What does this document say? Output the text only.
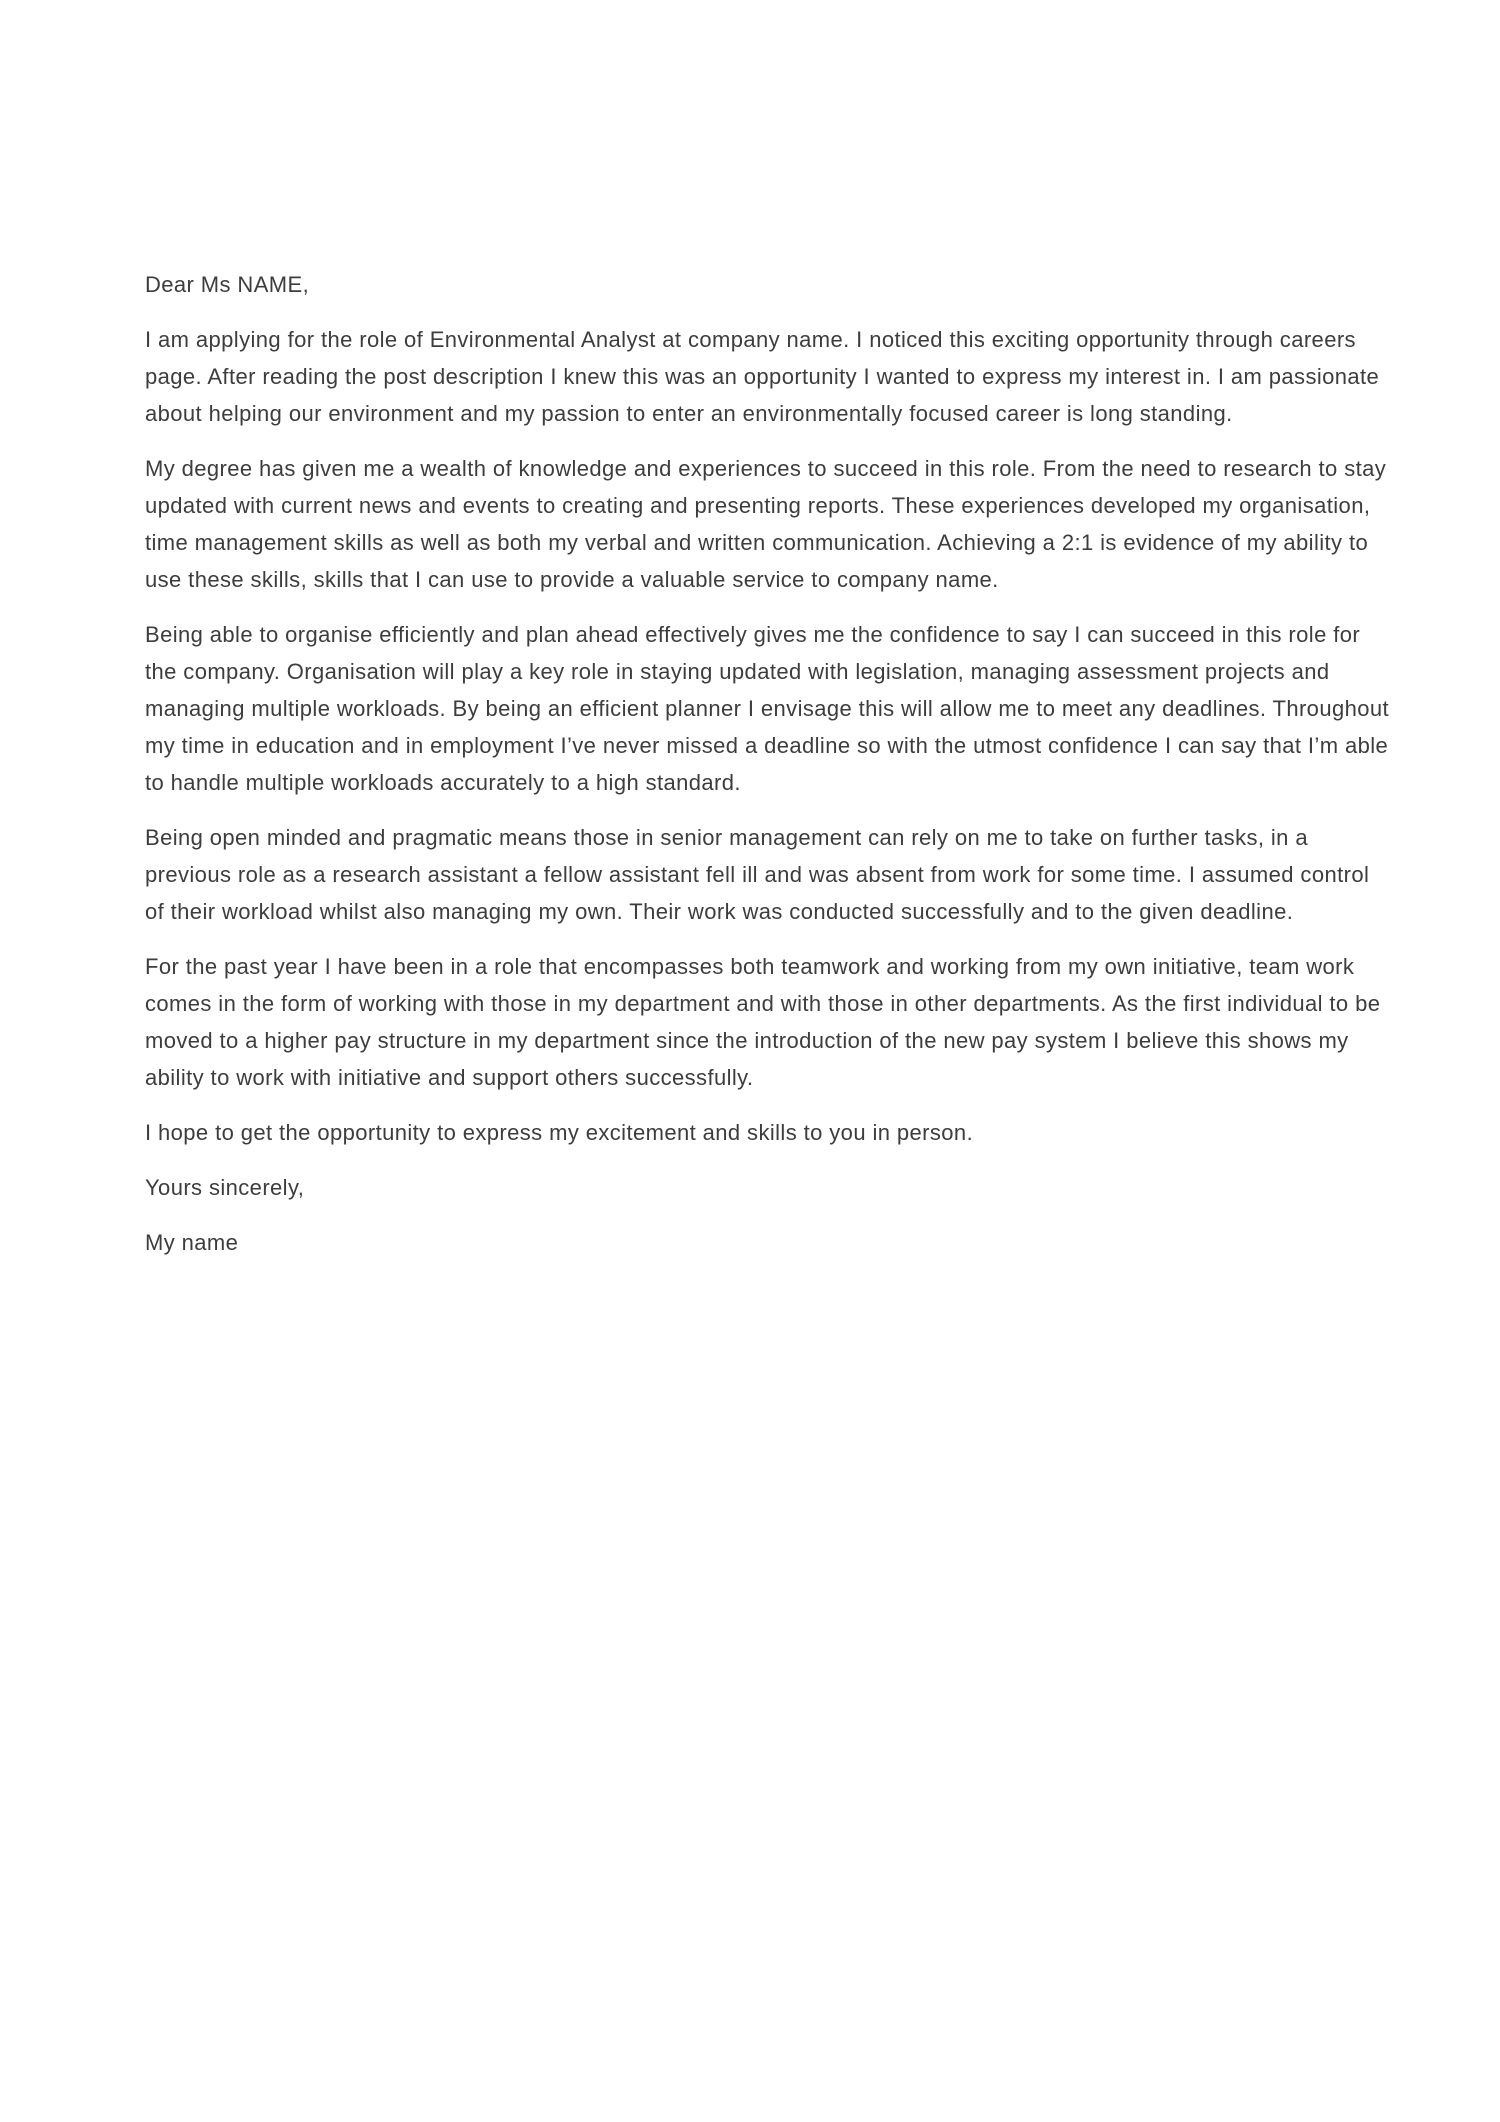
Dear Ms NAME,

I am applying for the role of Environmental Analyst at company name. I noticed this exciting opportunity through careers page. After reading the post description I knew this was an opportunity I wanted to express my interest in. I am passionate about helping our environment and my passion to enter an environmentally focused career is long standing.

My degree has given me a wealth of knowledge and experiences to succeed in this role. From the need to research to stay updated with current news and events to creating and presenting reports. These experiences developed my organisation, time management skills as well as both my verbal and written communication. Achieving a 2:1 is evidence of my ability to use these skills, skills that I can use to provide a valuable service to company name.

Being able to organise efficiently and plan ahead effectively gives me the confidence to say I can succeed in this role for the company. Organisation will play a key role in staying updated with legislation, managing assessment projects and managing multiple workloads. By being an efficient planner I envisage this will allow me to meet any deadlines. Throughout my time in education and in employment I’ve never missed a deadline so with the utmost confidence I can say that I’m able to handle multiple workloads accurately to a high standard.

Being open minded and pragmatic means those in senior management can rely on me to take on further tasks, in a previous role as a research assistant a fellow assistant fell ill and was absent from work for some time. I assumed control of their workload whilst also managing my own. Their work was conducted successfully and to the given deadline.

For the past year I have been in a role that encompasses both teamwork and working from my own initiative, team work comes in the form of working with those in my department and with those in other departments. As the first individual to be moved to a higher pay structure in my department since the introduction of the new pay system I believe this shows my ability to work with initiative and support others successfully.

I hope to get the opportunity to express my excitement and skills to you in person.

Yours sincerely,

My name
